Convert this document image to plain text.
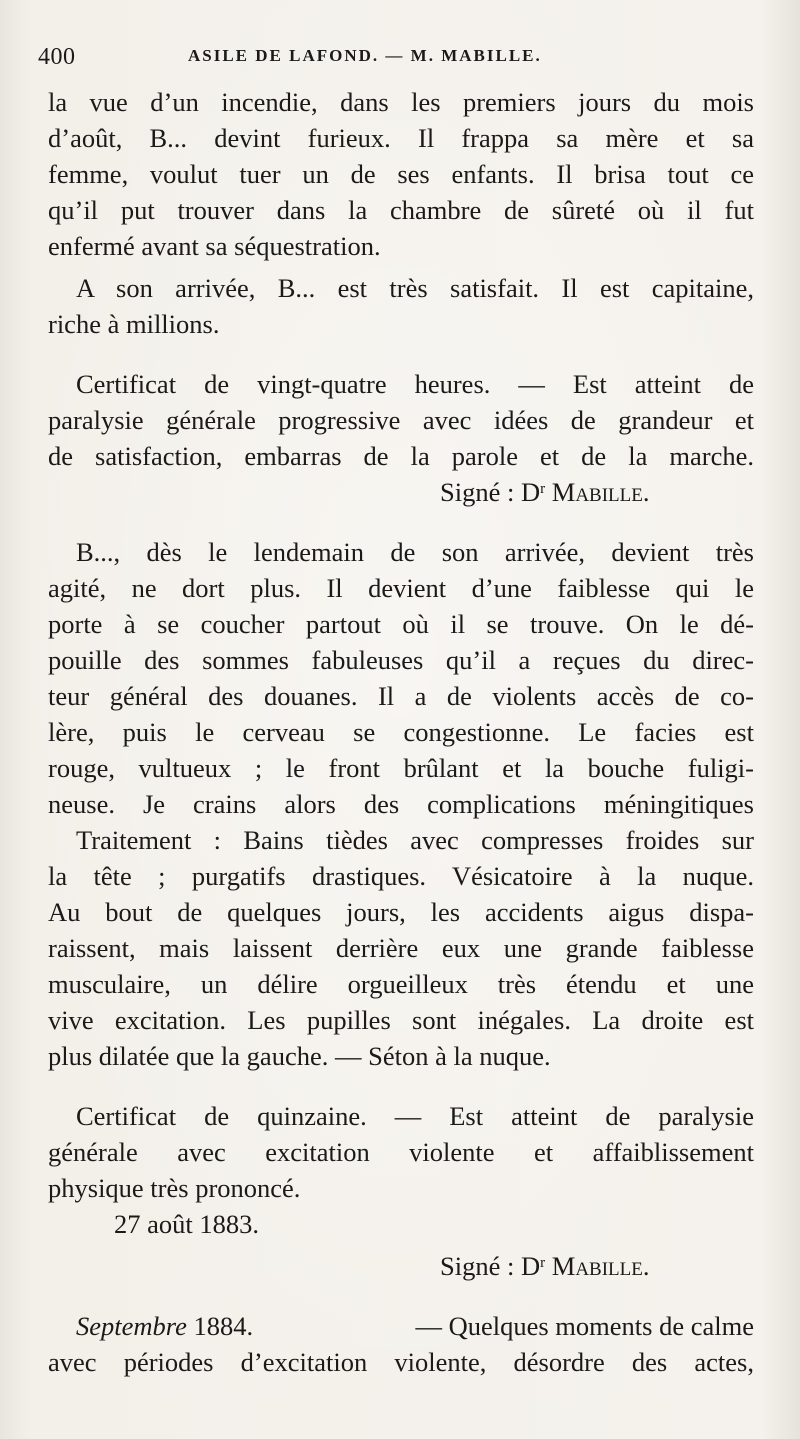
400	ASILE DE LAFOND. — M. MABILLE.
la vue d’un incendie, dans les premiers jours du mois
d’août, B... devint furieux. Il frappa sa mère et sa
femme, voulut tuer un de ses enfants. Il brisa tout ce
qu’il put trouver dans la chambre de sûreté où il fut
enfermé avant sa séquestration.
A son arrivée, B... est très satisfait. Il est capitaine,
riche à millions.
Certificat de vingt-quatre heures. — Est atteint de
paralysie générale progressive avec idées de grandeur et
de satisfaction, embarras de la parole et de la marche.
Signé : $D^r$ Mabille.
B..., dès le lendemain de son arrivée, devient très
agité, ne dort plus. Il devient d’une faiblesse qui le
porte à se coucher partout où il se trouve. On le dé-
pouille des sommes fabuleuses qu’il a reçues du direc-
teur général des douanes. Il a de violents accès de co-
lère, puis le cerveau se congestionne. Le facies est
rouge, vultueux ; le front brûlant et la bouche fuligi-
neuse. Je crains alors des complications méningitiques
Traitement : Bains tièdes avec compresses froides sur
la tête ; purgatifs drastiques. Vésicatoire à la nuque.
Au bout de quelques jours, les accidents aigus dispa-
raissent, mais laissent derrière eux une grande faiblesse
musculaire, un délire orgueilleux très étendu et une
vive excitation. Les pupilles sont inégales. La droite est
plus dilatée que la gauche. — Séton à la nuque.
Certificat de quinzaine. — Est atteint de paralysie
générale avec excitation violente et affaiblissement
physique très prononcé.
27 août 1883.
Signé : $D^r$ Mabille.
Septembre 1884.	— Quelques moments de calme
avec périodes d’excitation violente, désordre des actes,
